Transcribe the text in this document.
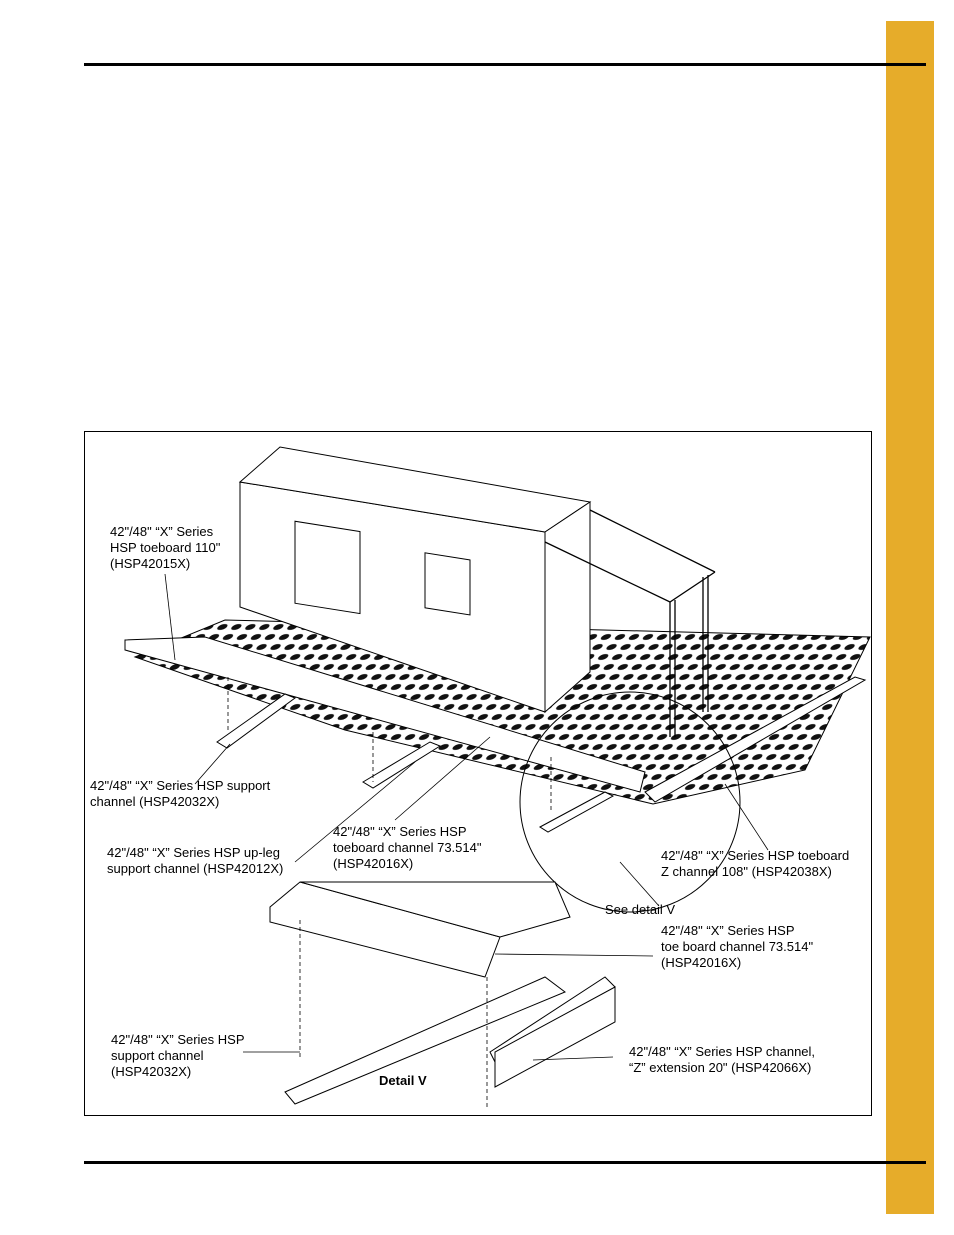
42"/48" “X” Series
HSP toeboard 110"
(HSP42015X)
42"/48" “X” Series HSP support
channel (HSP42032X)
42"/48" “X” Series HSP up-leg
support channel (HSP42012X)
42"/48" “X” Series HSP
toeboard channel 73.514"
(HSP42016X)
42"/48" “X” Series HSP toeboard
Z channel 108" (HSP42038X)
See detail V
42"/48" “X” Series HSP
toe board channel 73.514"
(HSP42016X)
42"/48" “X” Series HSP
support channel
(HSP42032X)
42"/48" “X” Series HSP channel,
“Z” extension 20" (HSP42066X)
Detail V
